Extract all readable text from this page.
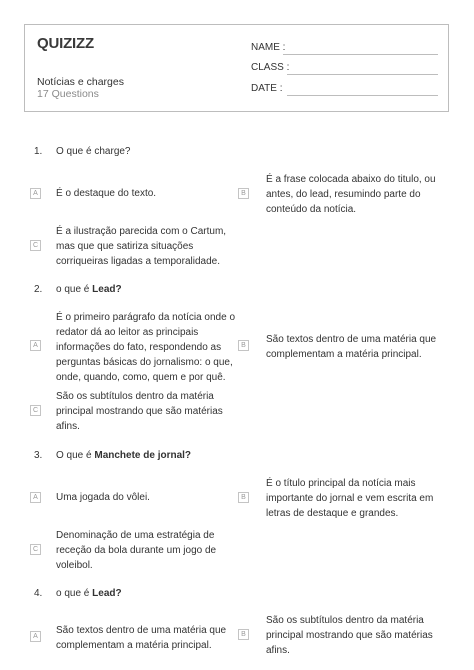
QUIZIZZ
Notícias e charges
17 Questions
NAME :
CLASS :
DATE :
1. O que é charge?
A	É o destaque do texto.	B
É a frase colocada abaixo do titulo, ou
antes, do lead, resumindo parte do
conteúdo da notícia.
C
É a ilustração parecida com o Cartum,
mas que que satiriza situações
corriqueiras ligadas a temporalidade.
2. o que é Lead?
A
É o primeiro parágrafo da notícia onde o
redator dá ao leitor as principais
informações do fato, respondendo as
perguntas básicas do jornalismo: o que,
onde, quando, como, quem e por quê.
B
São textos dentro de uma matéria que
complementam a matéria principal.
C
São os subtítulos dentro da matéria
principal mostrando que são matérias
afins.
3. O que é Manchete de jornal?
A	Uma jogada do vôlei.	B
É o título principal da notícia mais
importante do jornal e vem escrita em
letras de destaque e grandes.
C
Denominação de uma estratégia de
receção da bola durante um jogo de
voleibol.
4. o que é Lead?
A
São textos dentro de uma matéria que
complementam a matéria principal.
B
São os subtítulos dentro da matéria
principal mostrando que são matérias
afins.
